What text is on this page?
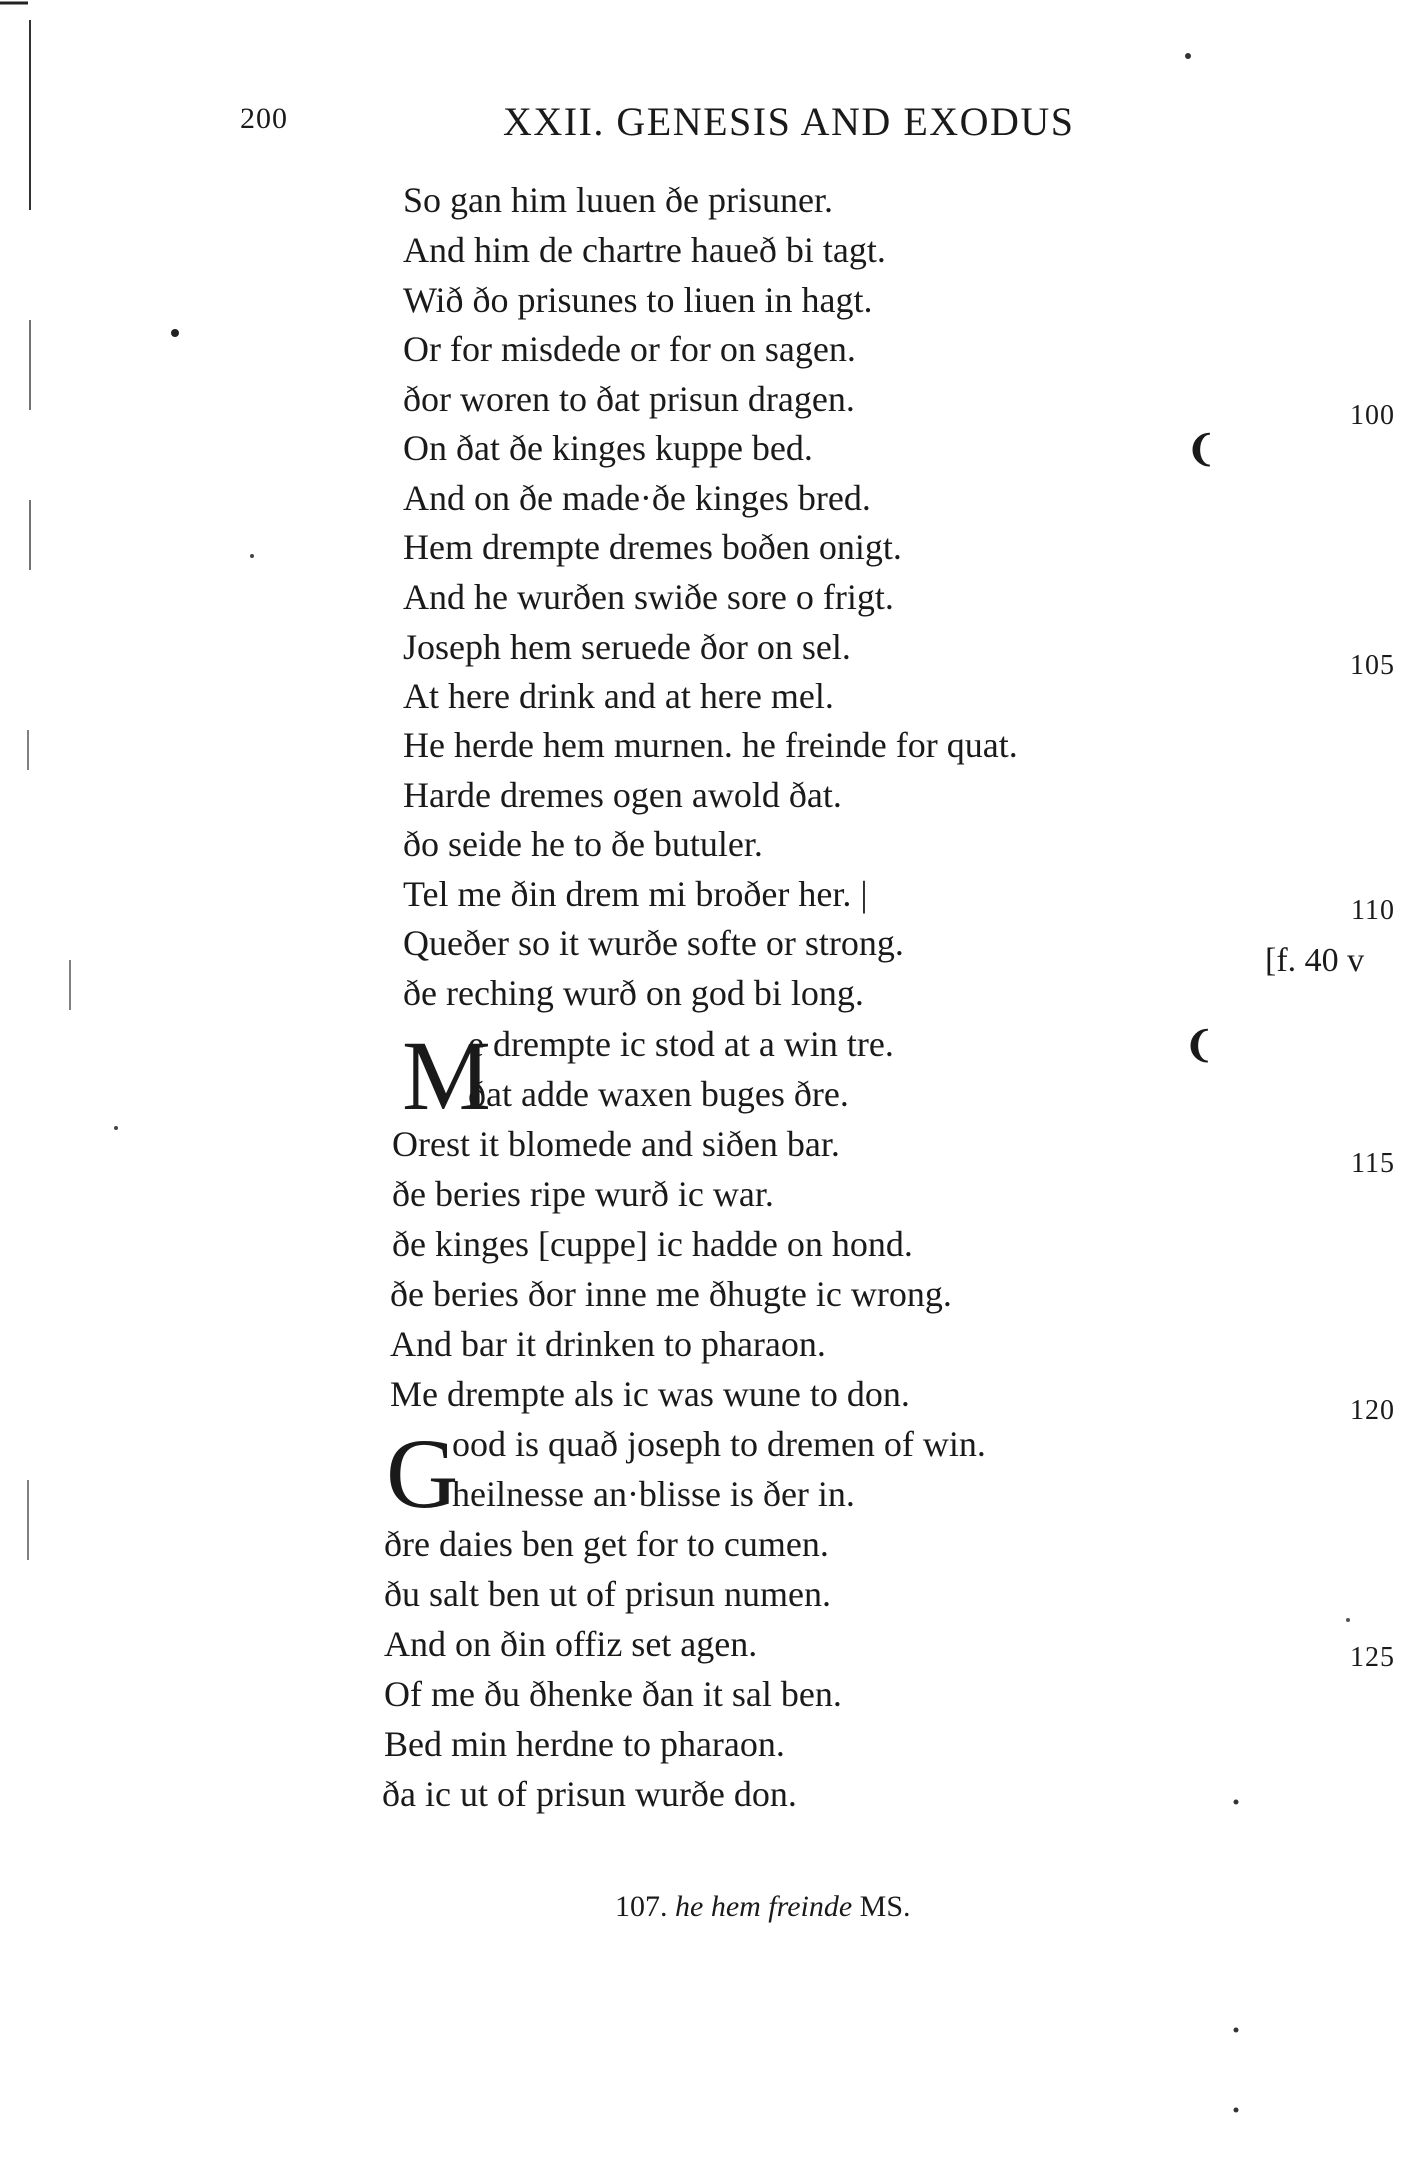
200	XXII. GENESIS AND EXODUS
So gan him luuen ðe prisuner.
And him de chartre haueð bi tagt.
Wið ðo prisunes to liuen in hagt.
Or for misdede or for on sagen.
ðor woren to ðat prisun dragen.
On ðat ðe kinges kuppe bed.
And on ðe made·ðe kinges bred.
Hem drempte dremes boðen onigt.
And he wurðen swiðe sore o frigt.
Joseph hem seruede ðor on sel.
At here drink and at here mel.
He herde hem murnen. he freinde for quat.
Harde dremes ogen awold ðat.
ðo seide he to ðe butuler.
Tel me ðin drem mi broðer her. |
Queðer so it wurðe softe or strong.
ðe reching wurð on god bi long.
M
e drempte ic stod at a win tre.
ðat adde waxen buges ðre.
Orest it blomede and siðen bar.
ðe beries ripe wurð ic war.
ðe kinges [cuppe] ic hadde on hond.
ðe beries ðor inne me ðhugte ic wrong.
And bar it drinken to pharaon.
Me drempte als ic was wune to don.
G
ood is quað joseph to dremen of win.
heilnesse an·blisse is ðer in.
ðre daies ben get for to cumen.
ðu salt ben ut of prisun numen.
And on ðin offiz set agen.
Of me ðu ðhenke ðan it sal ben.
Bed min herdne to pharaon.
ða ic ut of prisun wurðe don.
❨
❨
100
105
110
115
120
125
[f. 40 v
107. he hem freinde MS.
